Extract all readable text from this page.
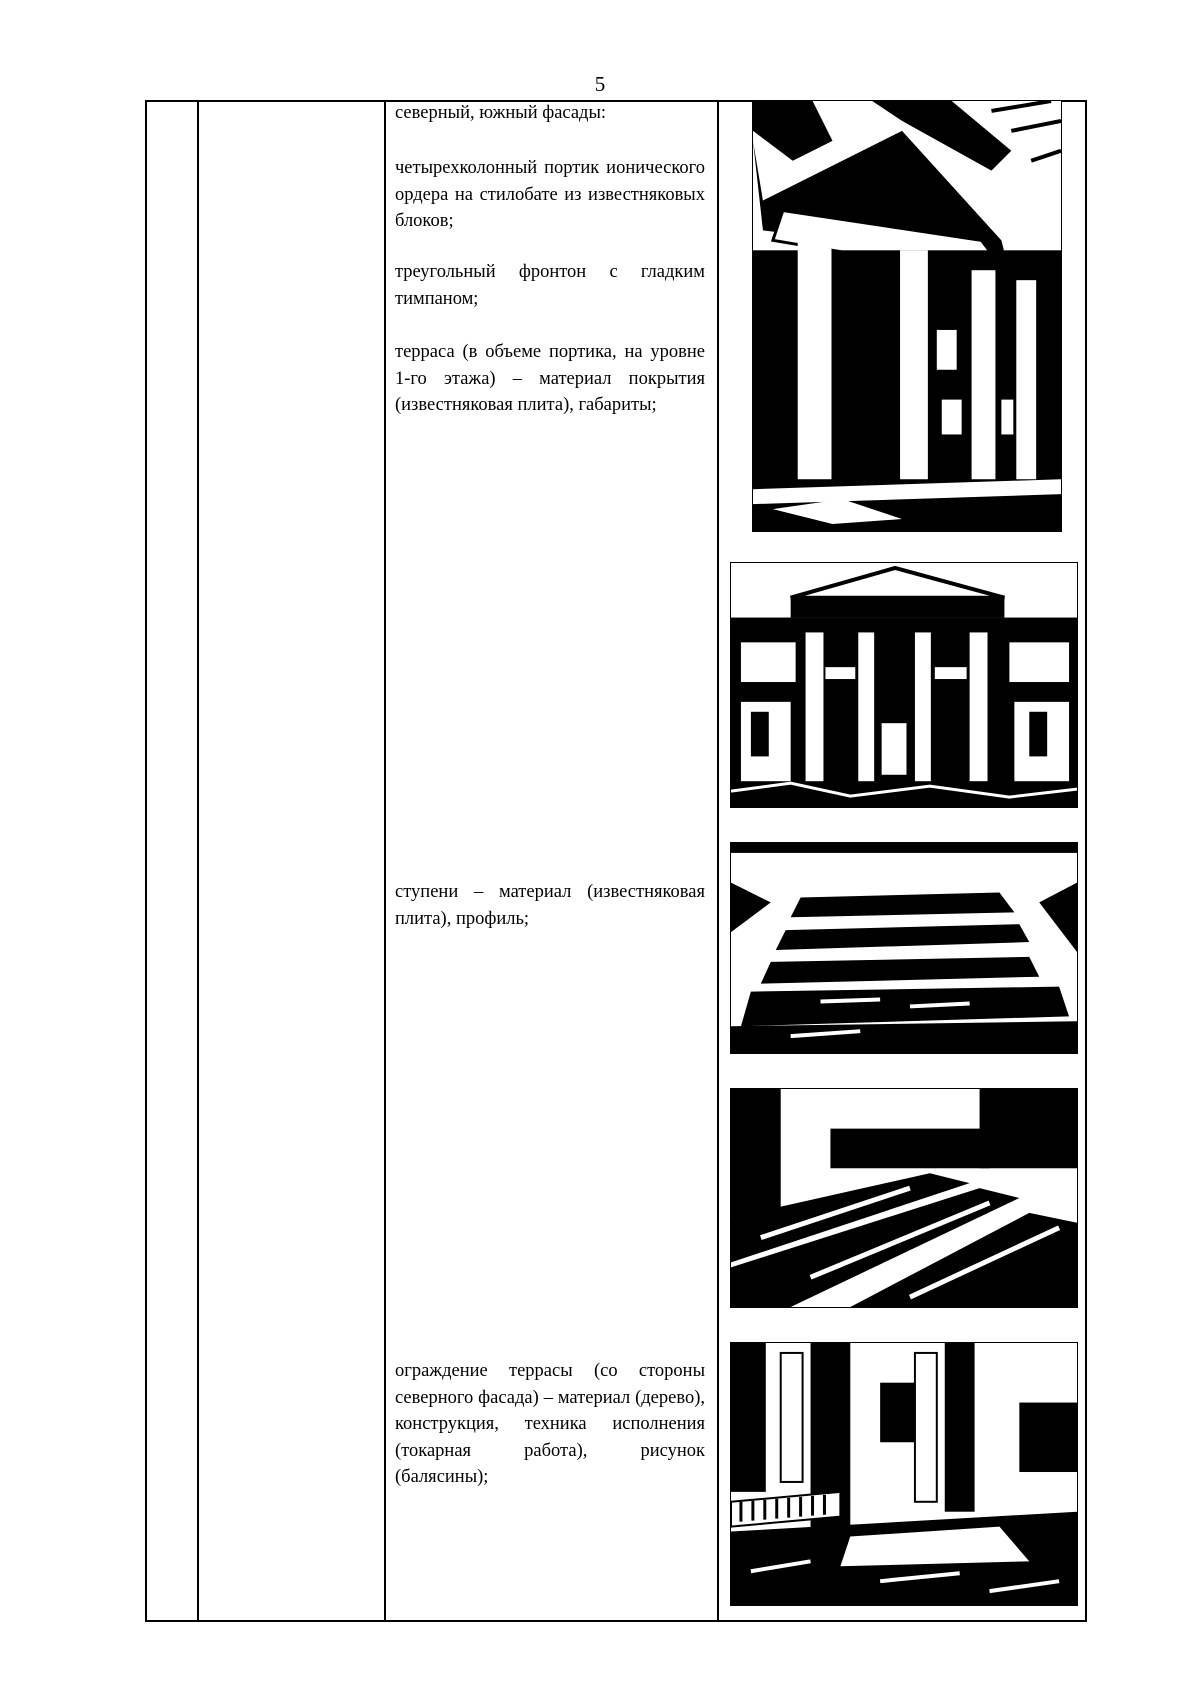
5
северный, южный фасады:
четырехколонный портик ионического ордера на стилобате из известняковых блоков;
треугольный фронтон с гладким тимпаном;
терраса (в объеме портика, на уровне 1-го этажа) – материал покрытия (известняковая плита), габариты;
ступени – материал (известняковая плита), профиль;
ограждение террасы (со стороны северного фасада) – материал (дерево), конструкция, техника исполнения (токарная работа), рисунок (балясины);
